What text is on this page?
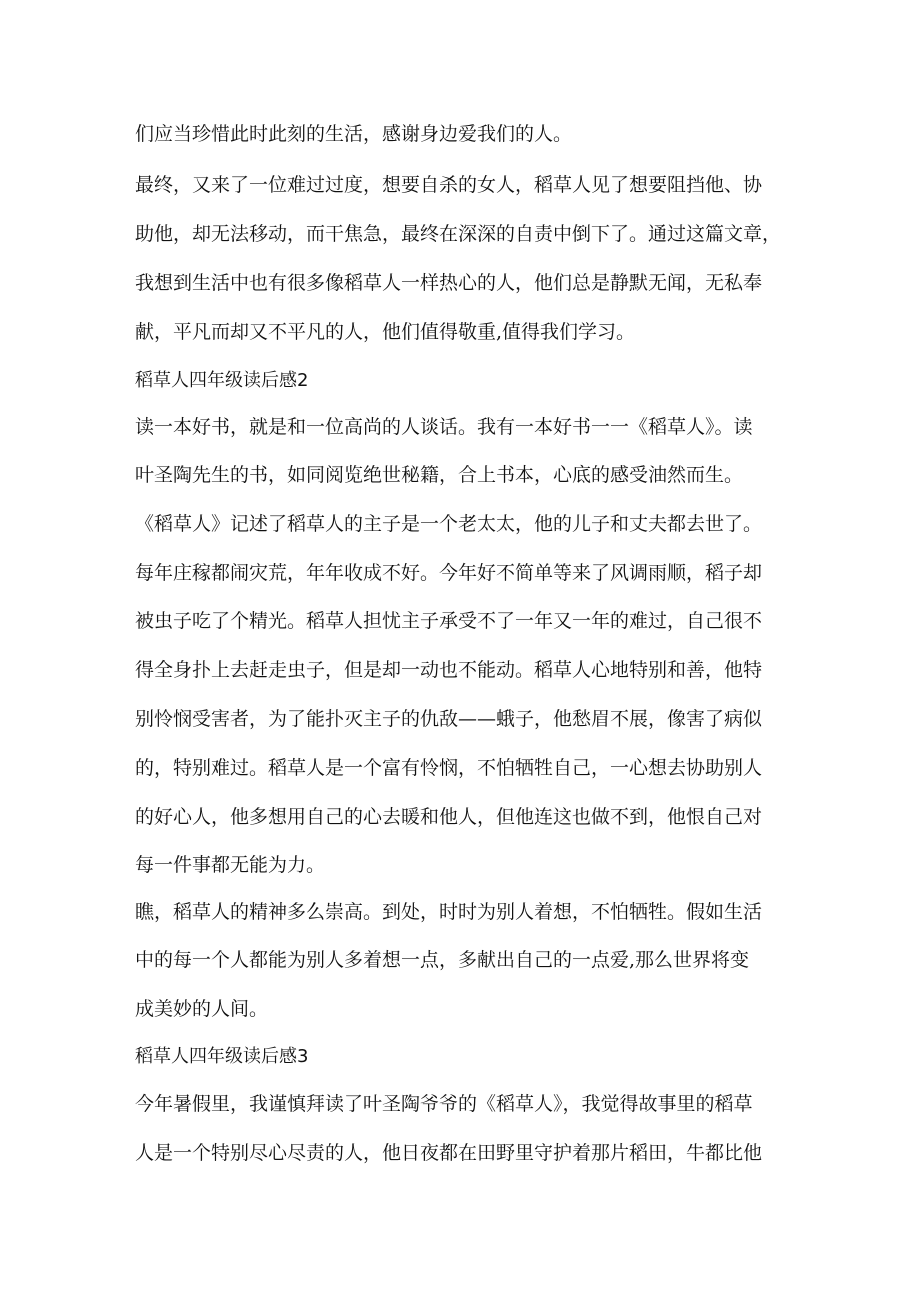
们应当珍惜此时此刻的生活，感谢身边爱我们的人。
最终，又来了一位难过过度，想要自杀的女人，稻草人见了想要阻挡他、协
助他，却无法移动，而干焦急，最终在深深的自责中倒下了。通过这篇文章，
我想到生活中也有很多像稻草人一样热心的人，他们总是静默无闻，无私奉
献，平凡而却又不平凡的人，他们值得敬重,值得我们学习。
稻草人四年级读后感2
读一本好书，就是和一位高尚的人谈话。我有一本好书一一《稻草人》。读
叶圣陶先生的书，如同阅览绝世秘籍，合上书本，心底的感受油然而生。
《稻草人》记述了稻草人的主子是一个老太太，他的儿子和丈夫都去世了。
每年庄稼都闹灾荒，年年收成不好。今年好不简单等来了风调雨顺，稻子却
被虫子吃了个精光。稻草人担忧主子承受不了一年又一年的难过，自己很不
得全身扑上去赶走虫子，但是却一动也不能动。稻草人心地特别和善，他特
别怜悯受害者，为了能扑灭主子的仇敌——蛾子，他愁眉不展，像害了病似
的，特别难过。稻草人是一个富有怜悯，不怕牺牲自己，一心想去协助别人
的好心人，他多想用自己的心去暖和他人，但他连这也做不到，他恨自己对
每一件事都无能为力。
瞧，稻草人的精神多么崇高。到处，时时为别人着想，不怕牺牲。假如生活
中的每一个人都能为别人多着想一点，多献出自己的一点爱,那么世界将变
成美妙的人间。
稻草人四年级读后感3
今年暑假里，我谨慎拜读了叶圣陶爷爷的《稻草人》，我觉得故事里的稻草
人是一个特别尽心尽责的人，他日夜都在田野里守护着那片稻田，牛都比他
